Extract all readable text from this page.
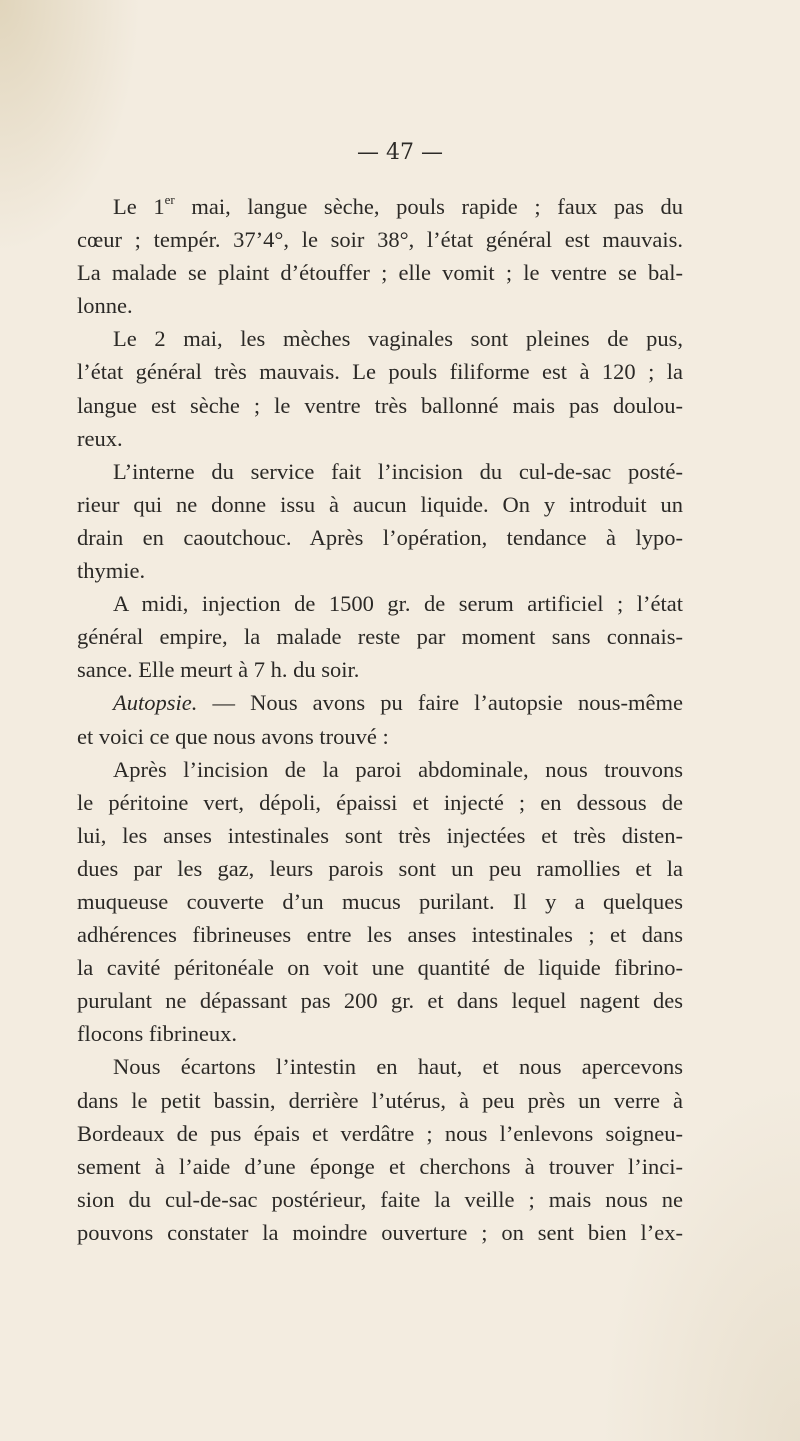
— 47 —
Le 1er mai, langue sèche, pouls rapide ; faux pas du
cœur ; tempér. 37’4°, le soir 38°, l’état général est mauvais.
La malade se plaint d’étouffer ; elle vomit ; le ventre se bal-
lonne.
Le 2 mai, les mèches vaginales sont pleines de pus,
l’état général très mauvais. Le pouls filiforme est à 120 ; la
langue est sèche ; le ventre très ballonné mais pas doulou-
reux.
L’interne du service fait l’incision du cul-de-sac posté-
rieur qui ne donne issu à aucun liquide. On y introduit un
drain en caoutchouc. Après l’opération, tendance à lypo-
thymie.
A midi, injection de 1500 gr. de serum artificiel ; l’état
général empire, la malade reste par moment sans connais-
sance. Elle meurt à 7 h. du soir.
Autopsie. — Nous avons pu faire l’autopsie nous-même
et voici ce que nous avons trouvé :
Après l’incision de la paroi abdominale, nous trouvons
le péritoine vert, dépoli, épaissi et injecté ; en dessous de
lui, les anses intestinales sont très injectées et très disten-
dues par les gaz, leurs parois sont un peu ramollies et la
muqueuse couverte d’un mucus purilant. Il y a quelques
adhérences fibrineuses entre les anses intestinales ; et dans
la cavité péritonéale on voit une quantité de liquide fibrino-
purulant ne dépassant pas 200 gr. et dans lequel nagent des
flocons fibrineux.
Nous écartons l’intestin en haut, et nous apercevons
dans le petit bassin, derrière l’utérus, à peu près un verre à
Bordeaux de pus épais et verdâtre ; nous l’enlevons soigneu-
sement à l’aide d’une éponge et cherchons à trouver l’inci-
sion du cul-de-sac postérieur, faite la veille ; mais nous ne
pouvons constater la moindre ouverture ; on sent bien l’ex-
